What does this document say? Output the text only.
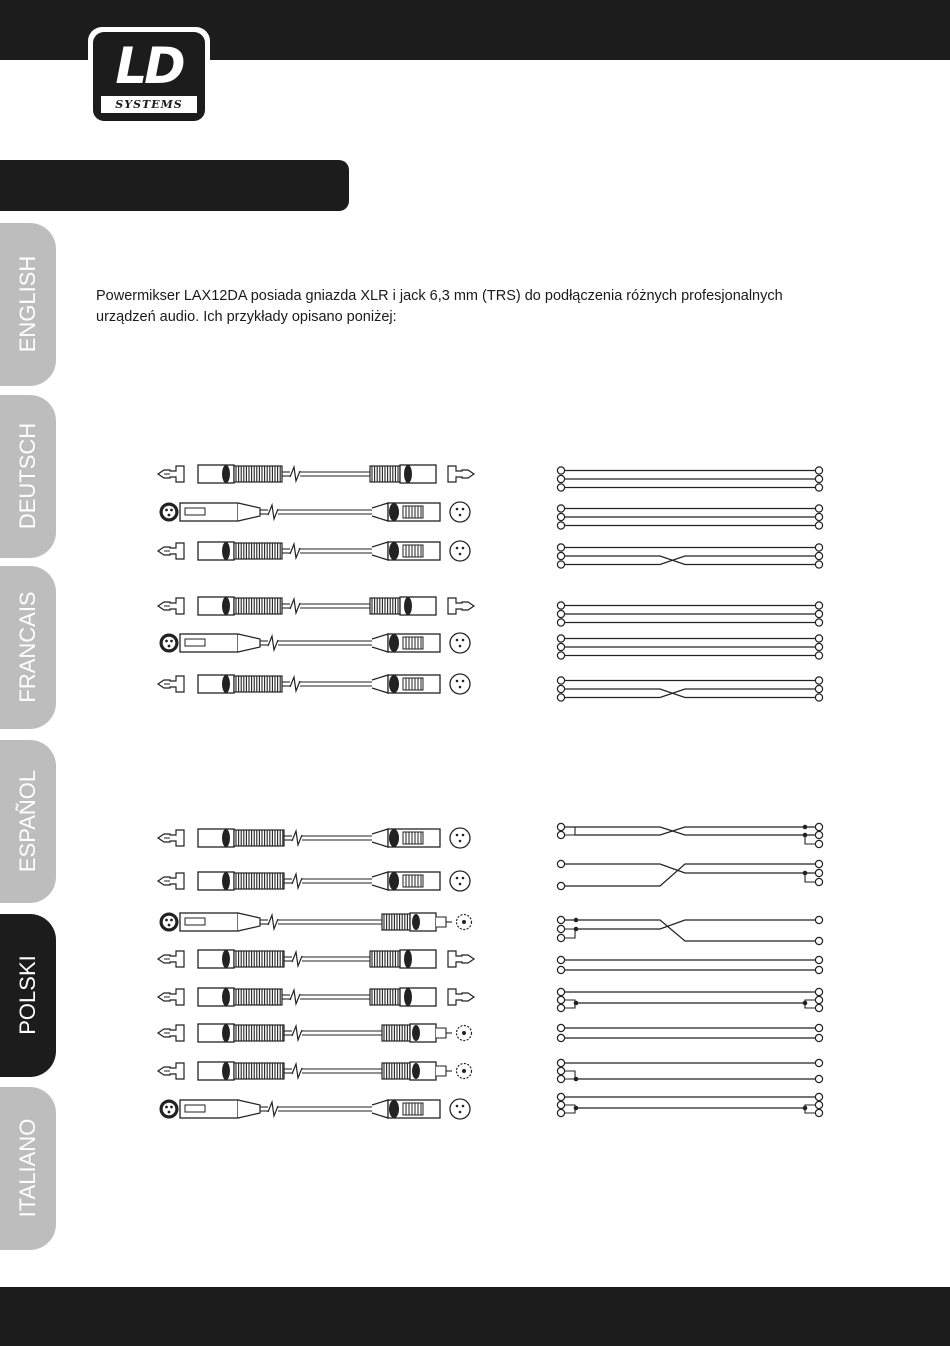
LD
SYSTEMS
ENGLISH
DEUTSCH
FRANCAIS
ESPAÑOL
POLSKI
ITALIANO

Powermikser LAX12DA posiada gniazda XLR i jack 6,3 mm (TRS) do podłączenia różnych profesjonalnych

urządzeń audio. Ich przykłady opisano poniżej:
